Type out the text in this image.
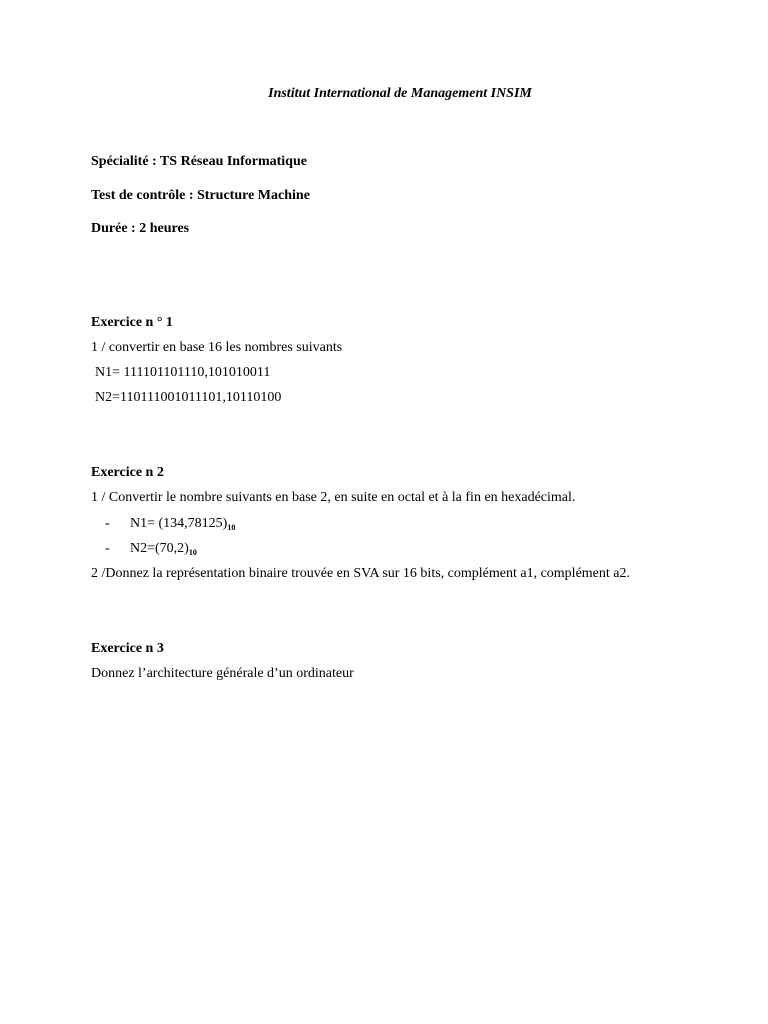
Institut International de Management INSIM
Spécialité : TS Réseau Informatique
Test de contrôle : Structure Machine
Durée : 2 heures
Exercice n ° 1
1 / convertir en base 16 les nombres suivants
N1= 111101101110,101010011
N2=110111001011101,10110100
Exercice n 2
1 / Convertir le nombre suivants en base 2, en suite en octal et à la fin en hexadécimal.
- $N1= (134,78125)_{10}$
- $N2=(70,2)_{10}$
2 /Donnez la représentation binaire trouvée en SVA sur 16 bits, complément a1, complément a2.
Exercice n 3
Donnez l’architecture générale d’un ordinateur
